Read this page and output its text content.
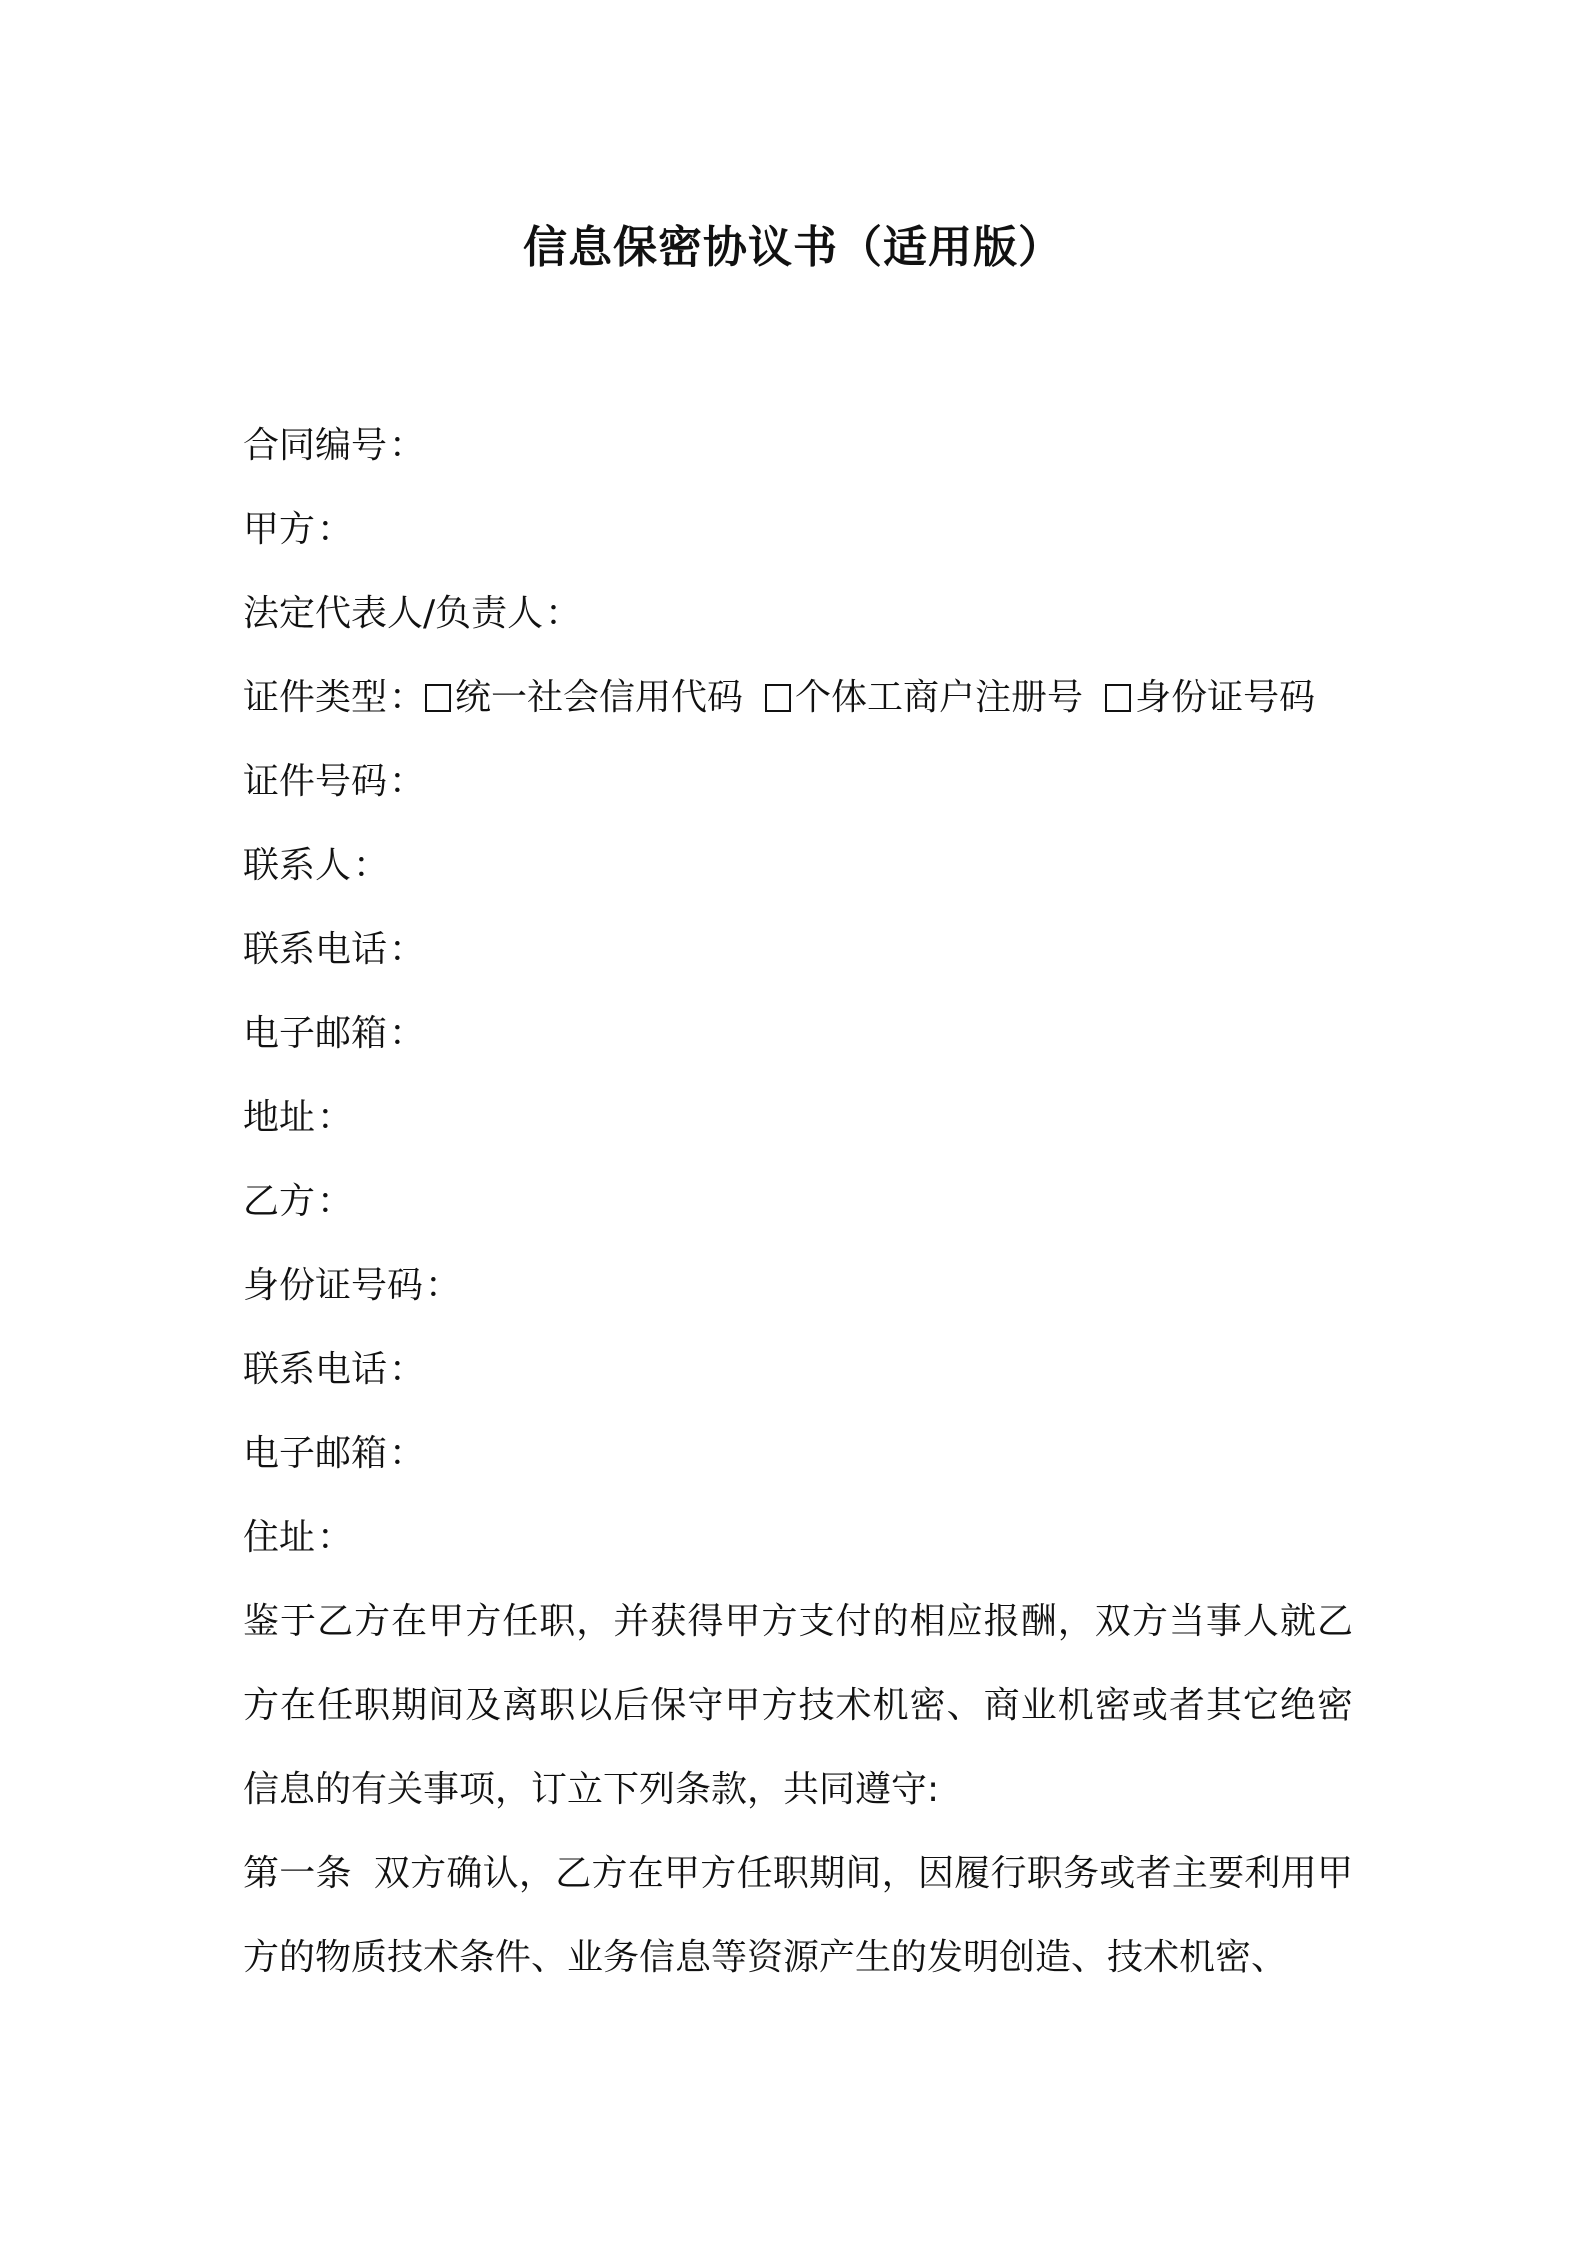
信息保密协议书（适用版）
合同编号：
甲方：
法定代表人/负责人：
证件类型： 统一社会信用代码 个体工商户注册号 身份证号码
证件号码：
联系人：
联系电话：
电子邮箱：
地址：
乙方：
身份证号码：
联系电话：
电子邮箱：
住址：
鉴于乙方在甲方任职，并获得甲方支付的相应报酬，双方当事人就乙方在任职期间及离职以后保守甲方技术机密、商业机密或者其它绝密信息的有关事项，订立下列条款，共同遵守:
第一条 双方确认，乙方在甲方任职期间，因履行职务或者主要利用甲方的物质技术条件、业务信息等资源产生的发明创造、技术机密、
